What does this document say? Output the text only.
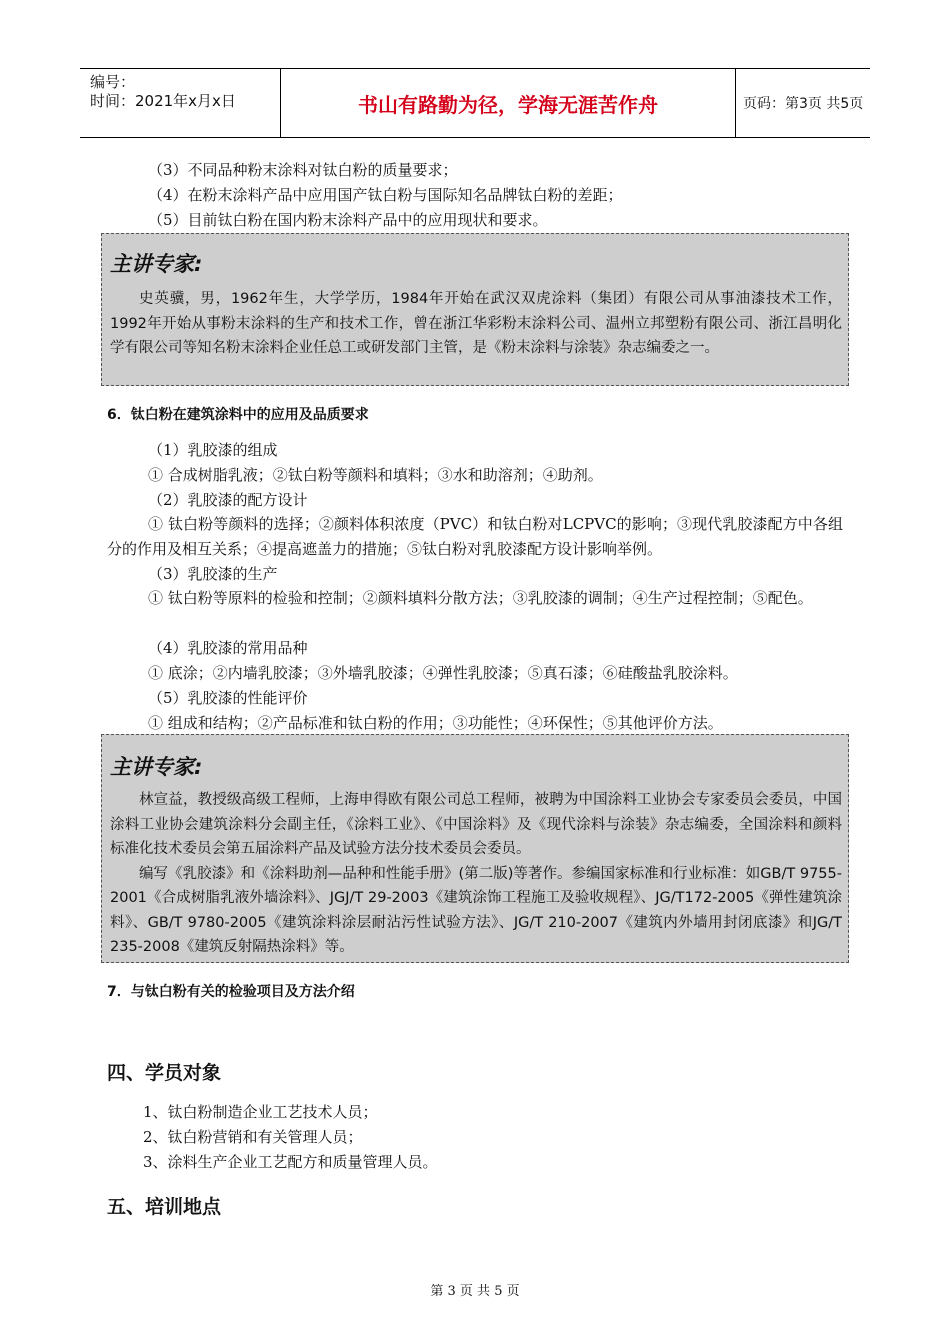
编号：
时间：2021年x月x日	书山有路勤为径，学海无涯苦作舟	页码：第3页 共5页
（3）不同品种粉末涂料对钛白粉的质量要求；
（4）在粉末涂料产品中应用国产钛白粉与国际知名品牌钛白粉的差距；
（5）目前钛白粉在国内粉末涂料产品中的应用现状和要求。
主讲专家:

史英骥，男，1962年生，大学学历，1984年开始在武汉双虎涂料（集团）有限公司从事油漆技术工作，1992年开始从事粉末涂料的生产和技术工作，曾在浙江华彩粉末涂料公司、温州立邦塑粉有限公司、浙江昌明化学有限公司等知名粉末涂料企业任总工或研发部门主管，是《粉末涂料与涂装》杂志编委之一。

6．钛白粉在建筑涂料中的应用及品质要求
（1）乳胶漆的组成
① 合成树脂乳液；②钛白粉等颜料和填料；③水和助溶剂；④助剂。
（2）乳胶漆的配方设计
① 钛白粉等颜料的选择；②颜料体积浓度（PVC）和钛白粉对LCPVC的影响；③现代乳胶漆配方中各组分的作用及相互关系；④提高遮盖力的措施；⑤钛白粉对乳胶漆配方设计影响举例。
（3）乳胶漆的生产
① 钛白粉等原料的检验和控制；②颜料填料分散方法；③乳胶漆的调制；④生产过程控制；⑤配色。
（4）乳胶漆的常用品种
① 底涂；②内墙乳胶漆；③外墙乳胶漆；④弹性乳胶漆；⑤真石漆；⑥硅酸盐乳胶涂料。
（5）乳胶漆的性能评价
① 组成和结构；②产品标准和钛白粉的作用；③功能性；④环保性；⑤其他评价方法。
主讲专家:

林宣益，教授级高级工程师，上海申得欧有限公司总工程师，被聘为中国涂料工业协会专家委员会委员，中国涂料工业协会建筑涂料分会副主任，《涂料工业》、《中国涂料》及《现代涂料与涂装》杂志编委，全国涂料和颜料标准化技术委员会第五届涂料产品及试验方法分技术委员会委员。

编写《乳胶漆》和《涂料助剂—品种和性能手册》(第二版)等著作。参编国家标准和行业标准：如GB/T 9755-2001《合成树脂乳液外墙涂料》、JGJ/T 29-2003《建筑涂饰工程施工及验收规程》、JG/T172-2005《弹性建筑涂料》、GB/T 9780-2005《建筑涂料涂层耐沾污性试验方法》、JG/T 210-2007《建筑内外墙用封闭底漆》和JG/T 235-2008《建筑反射隔热涂料》等。

7．与钛白粉有关的检验项目及方法介绍
四、学员对象
1、钛白粉制造企业工艺技术人员；
2、钛白粉营销和有关管理人员；
3、涂料生产企业工艺配方和质量管理人员。
五、培训地点
第 3 页 共 5 页
